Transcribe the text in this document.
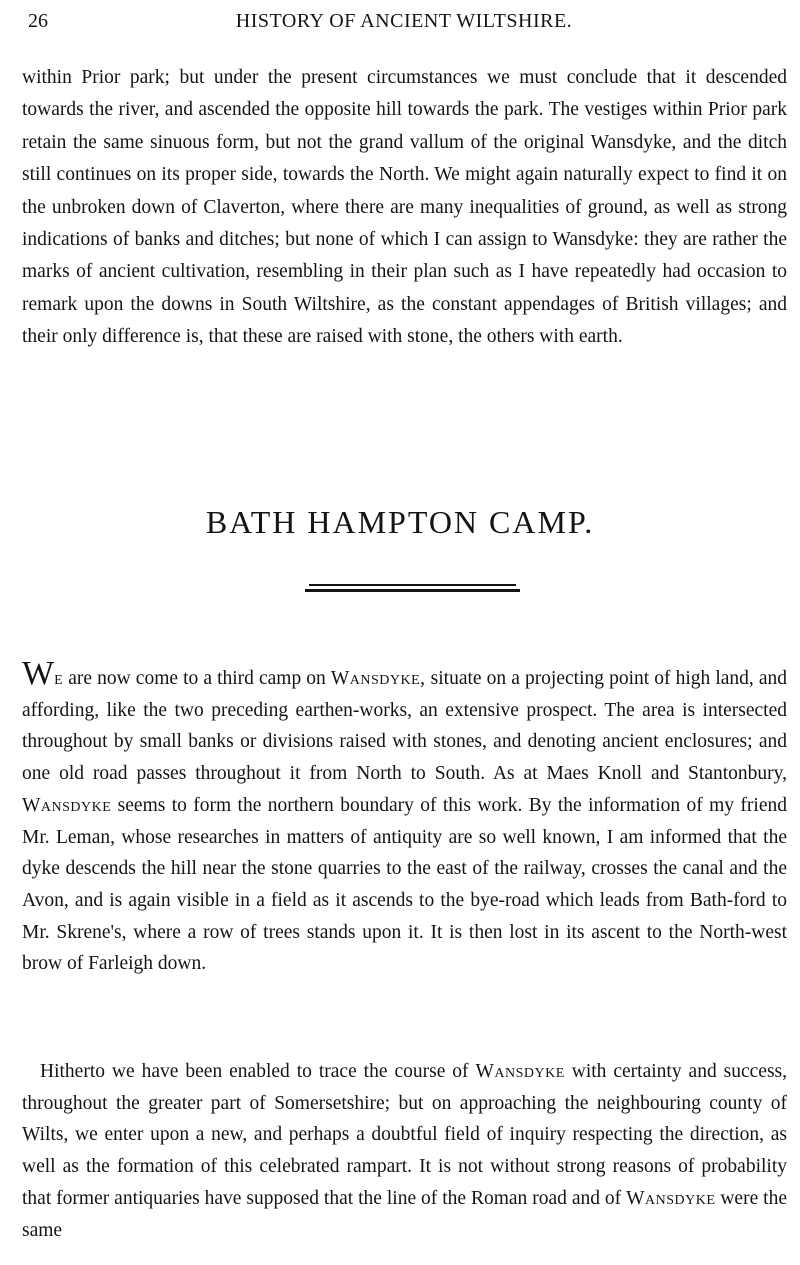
26	HISTORY OF ANCIENT WILTSHIRE.

within Prior park; but under the present circumstances we must conclude that it descended towards the river, and ascended the opposite hill towards the park. The vestiges within Prior park retain the same sinuous form, but not the grand vallum of the original Wansdyke, and the ditch still continues on its proper side, towards the North. We might again naturally expect to find it on the unbroken down of Claverton, where there are many inequalities of ground, as well as strong indications of banks and ditches; but none of which I can assign to Wansdyke: they are rather the marks of ancient cultivation, resembling in their plan such as I have repeatedly had occasion to remark upon the downs in South Wiltshire, as the constant appendages of British villages; and their only difference is, that these are raised with stone, the others with earth.

BATH HAMPTON CAMP.

We are now come to a third camp on Wansdyke, situate on a projecting point of high land, and affording, like the two preceding earthen-works, an extensive prospect. The area is intersected throughout by small banks or divisions raised with stones, and denoting ancient enclosures; and one old road passes throughout it from North to South. As at Maes Knoll and Stantonbury, Wansdyke seems to form the northern boundary of this work. By the information of my friend Mr. Leman, whose researches in matters of antiquity are so well known, I am informed that the dyke descends the hill near the stone quarries to the east of the railway, crosses the canal and the Avon, and is again visible in a field as it ascends to the bye-road which leads from Bath-ford to Mr. Skrene's, where a row of trees stands upon it. It is then lost in its ascent to the North-west brow of Farleigh down.

Hitherto we have been enabled to trace the course of Wansdyke with certainty and success, throughout the greater part of Somersetshire; but on approaching the neighbouring county of Wilts, we enter upon a new, and perhaps a doubtful field of inquiry respecting the direction, as well as the formation of this celebrated rampart. It is not without strong reasons of probability that former antiquaries have supposed that the line of the Roman road and of Wansdyke were the same
